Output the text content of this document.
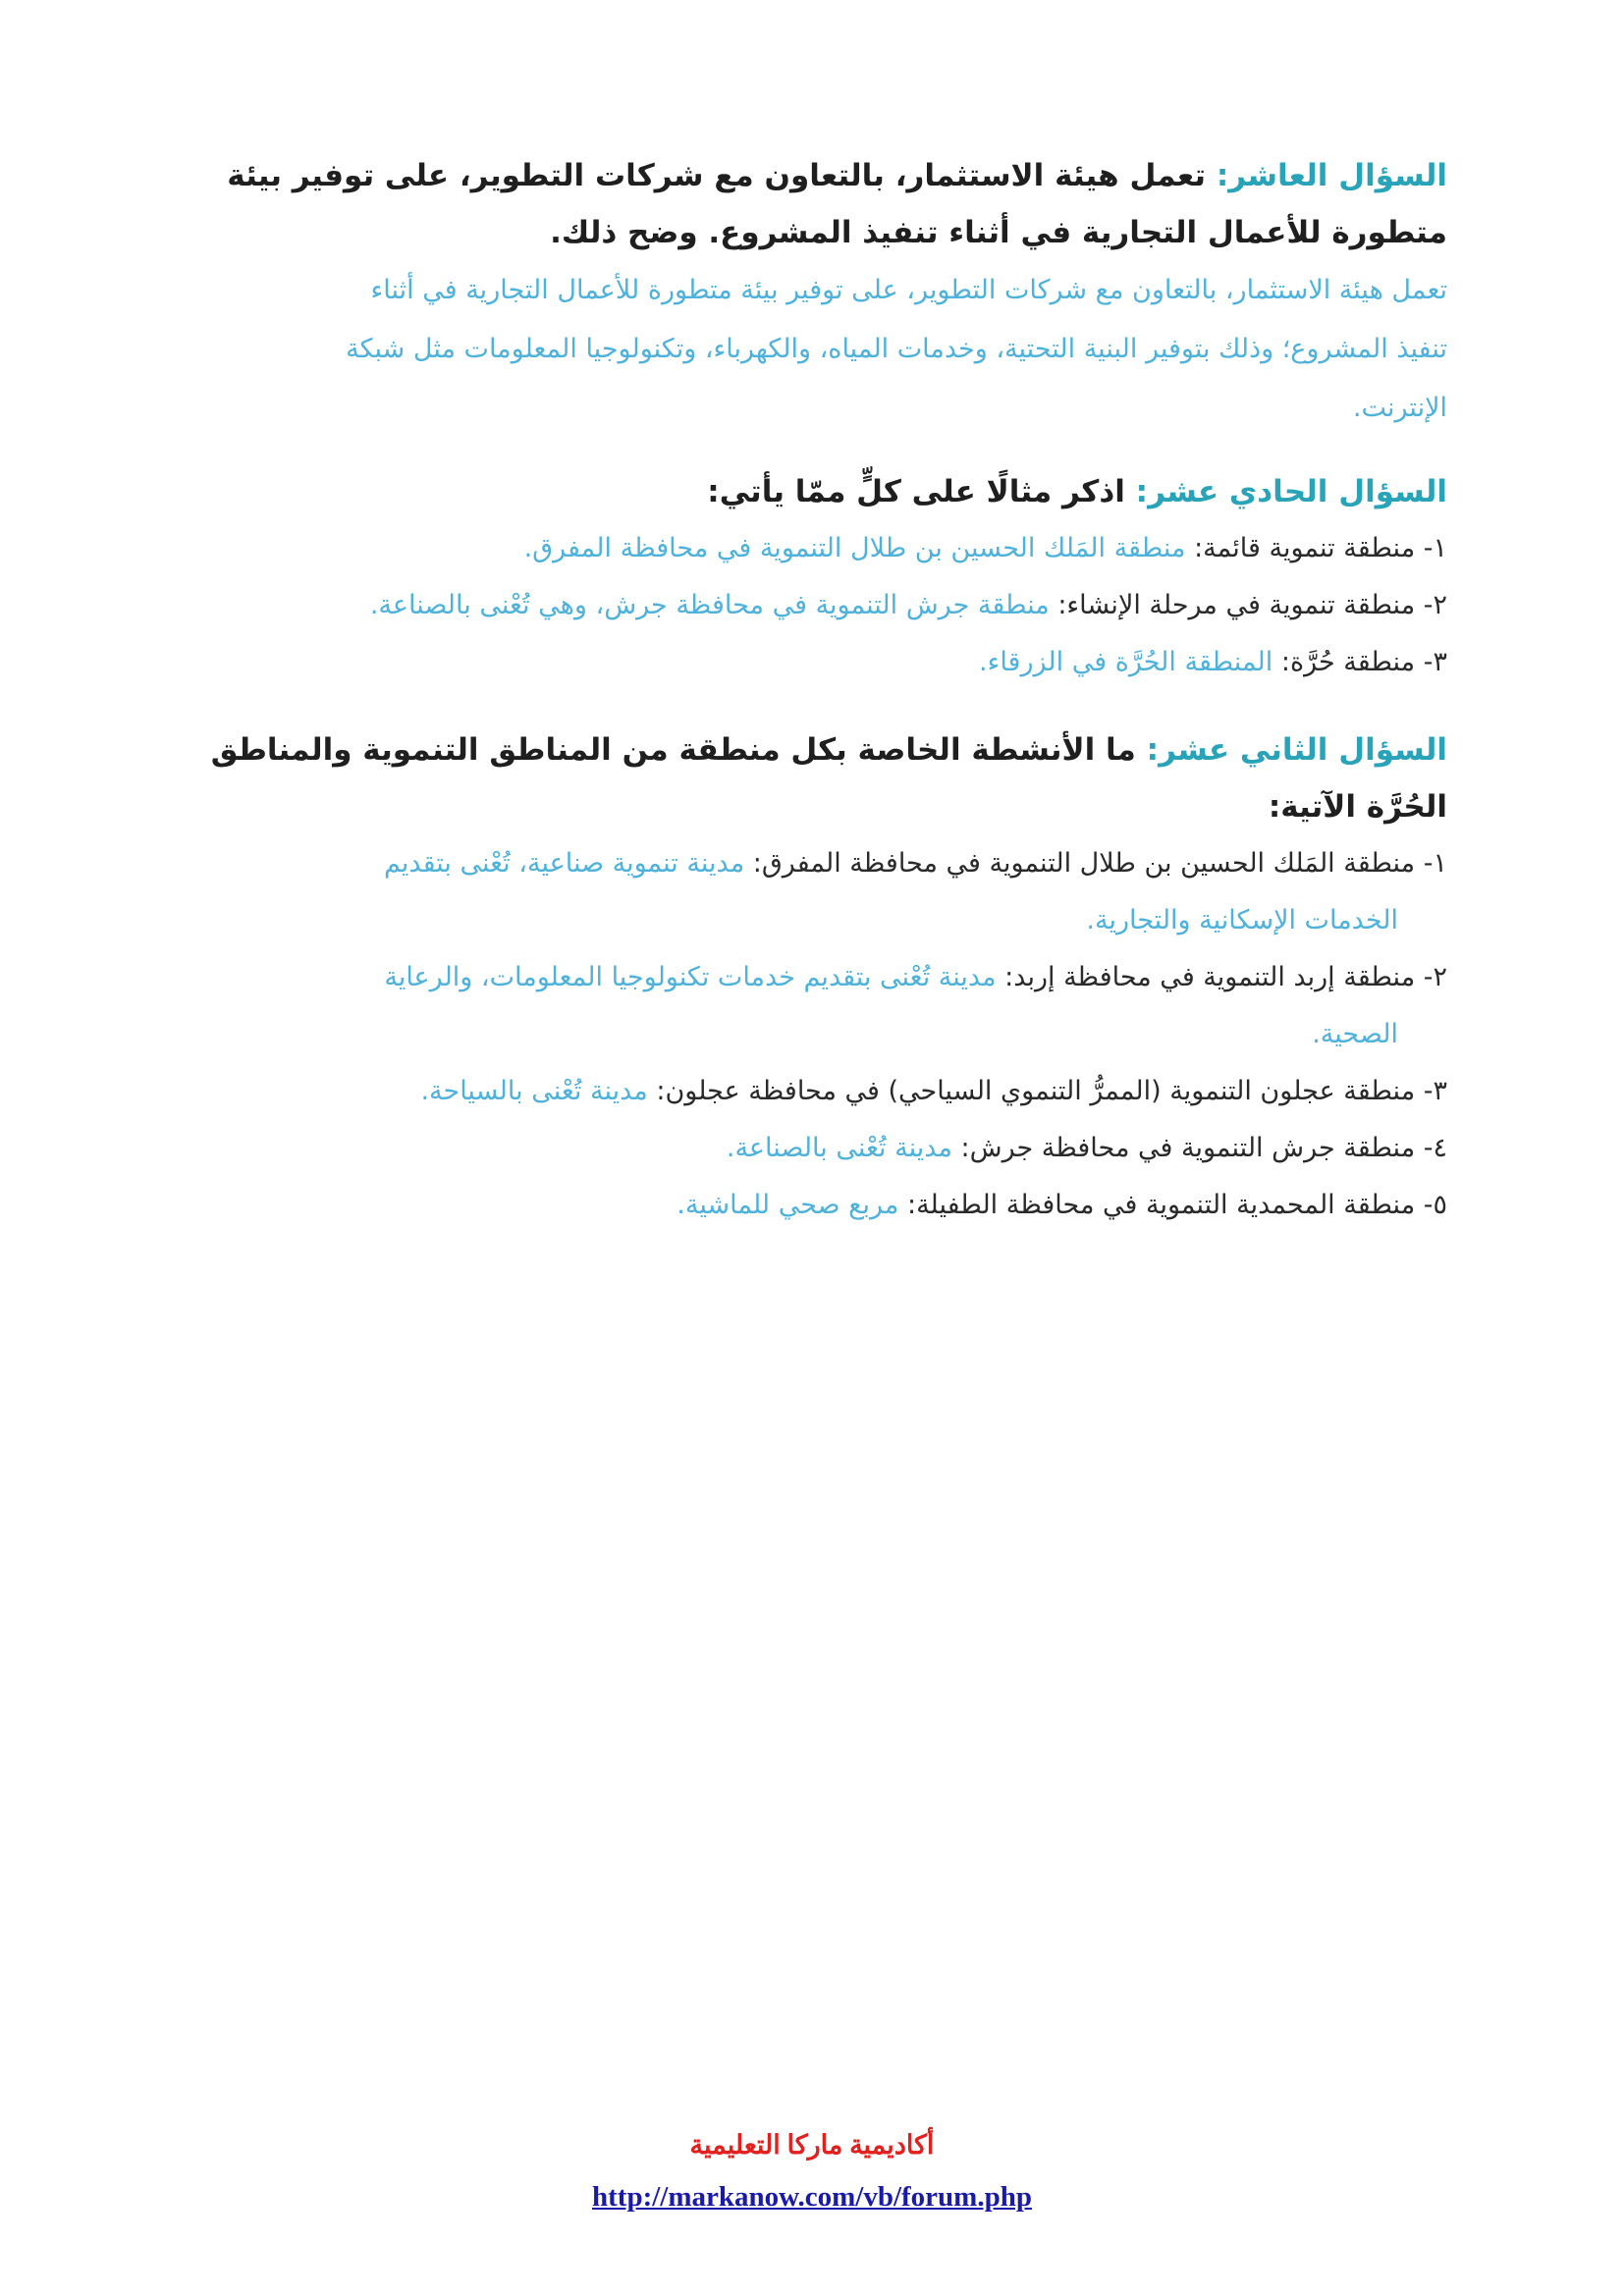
السؤال العاشر: تعمل هيئة الاستثمار، بالتعاون مع شركات التطوير، على توفير بيئة

متطورة للأعمال التجارية في أثناء تنفيذ المشروع. وضح ذلك.

تعمل هيئة الاستثمار، بالتعاون مع شركات التطوير، على توفير بيئة متطورة للأعمال التجارية في أثناء

تنفيذ المشروع؛ وذلك بتوفير البنية التحتية، وخدمات المياه، والكهرباء، وتكنولوجيا المعلومات مثل شبكة

الإنترنت.

السؤال الحادي عشر: اذكر مثالًا على كلٍّ ممّا يأتي:

١- منطقة تنموية قائمة: منطقة المَلك الحسين بن طلال التنموية في محافظة المفرق.

٢- منطقة تنموية في مرحلة الإنشاء: منطقة جرش التنموية في محافظة جرش، وهي تُعْنى بالصناعة.

٣- منطقة حُرَّة: المنطقة الحُرَّة في الزرقاء.

السؤال الثاني عشر: ما الأنشطة الخاصة بكل منطقة من المناطق التنموية والمناطق

الحُرَّة الآتية:

١- منطقة المَلك الحسين بن طلال التنموية في محافظة المفرق: مدينة تنموية صناعية، تُعْنى بتقديم

الخدمات الإسكانية والتجارية.

٢- منطقة إربد التنموية في محافظة إربد: مدينة تُعْنى بتقديم خدمات تكنولوجيا المعلومات، والرعاية

الصحية.

٣- منطقة عجلون التنموية (الممرُّ التنموي السياحي) في محافظة عجلون: مدينة تُعْنى بالسياحة.

٤- منطقة جرش التنموية في محافظة جرش: مدينة تُعْنى بالصناعة.

٥- منطقة المحمدية التنموية في محافظة الطفيلة: مربع صحي للماشية.

أكاديمية ماركا التعليمية
http://markanow.com/vb/forum.php
